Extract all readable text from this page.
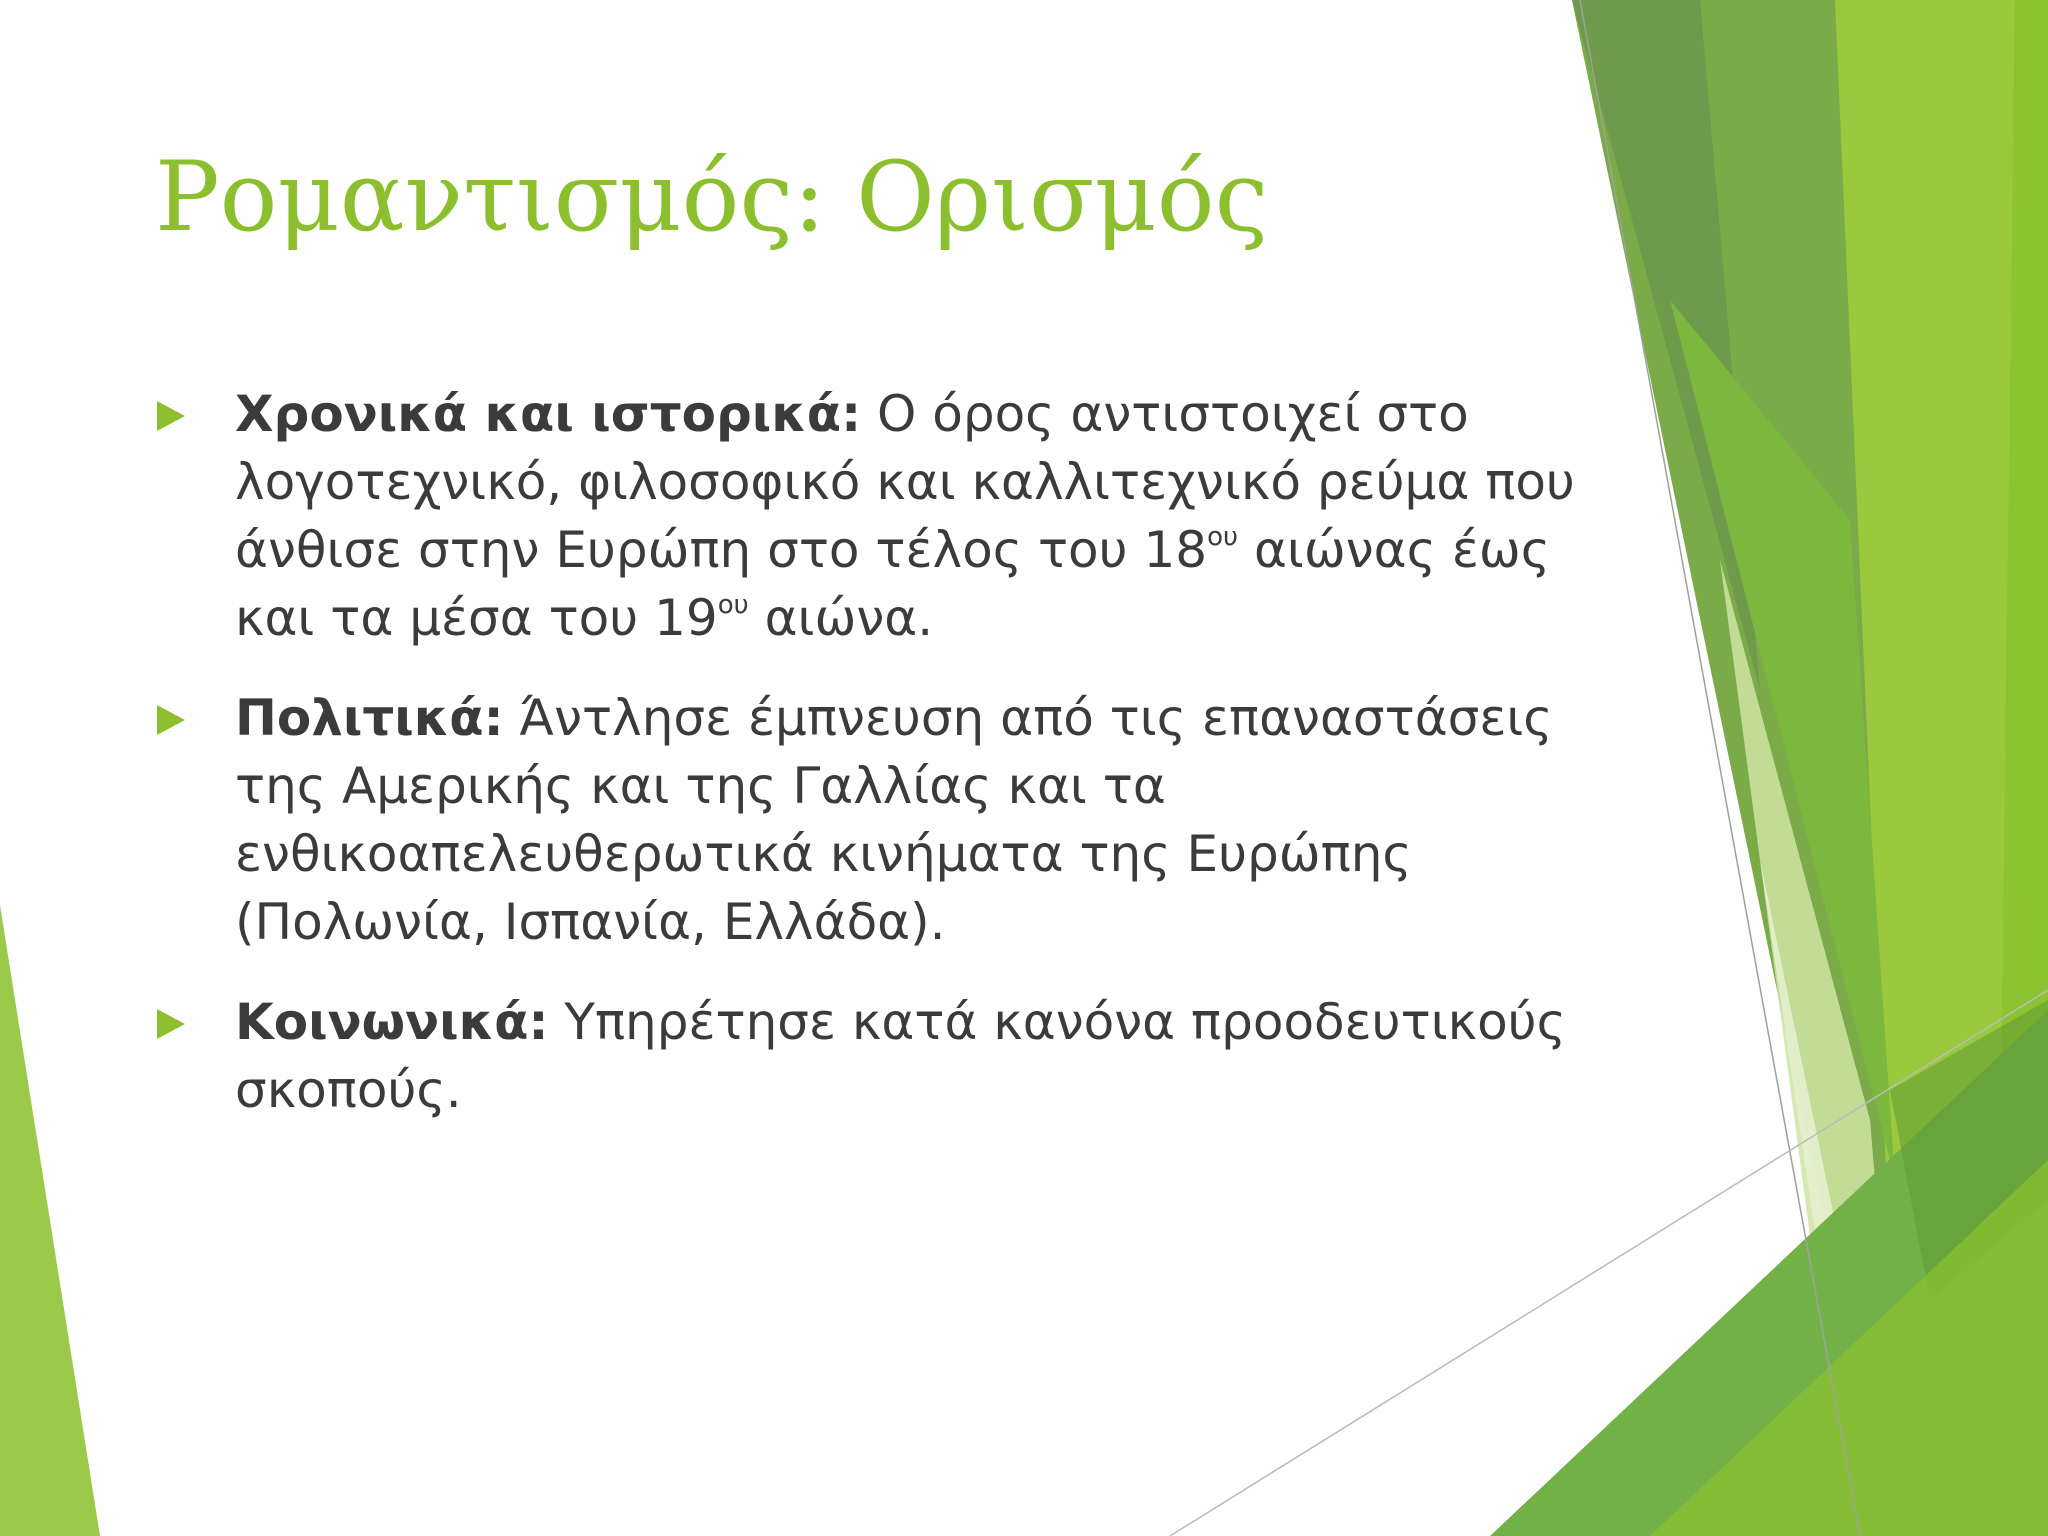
Ρομαντισμός: Ορισμός
Χρονικά και ιστορικά: Ο όρος αντιστοιχεί στο λογοτεχνικό, φιλοσοφικό και καλλιτεχνικό ρεύμα που άνθισε στην Ευρώπη στο τέλος του $18^{o\upsilon}$ αιώνας έως και τα μέσα του $19^{o\upsilon}$ αιώνα.
Πολιτικά: Άντλησε έμπνευση από τις επαναστάσεις της Αμερικής και της Γαλλίας και τα ενθικοαπελευθερωτικά κινήματα της Ευρώπης (Πολωνία, Ισπανία, Ελλάδα).
Κοινωνικά: Υπηρέτησε κατά κανόνα προοδευτικούς σκοπούς.
